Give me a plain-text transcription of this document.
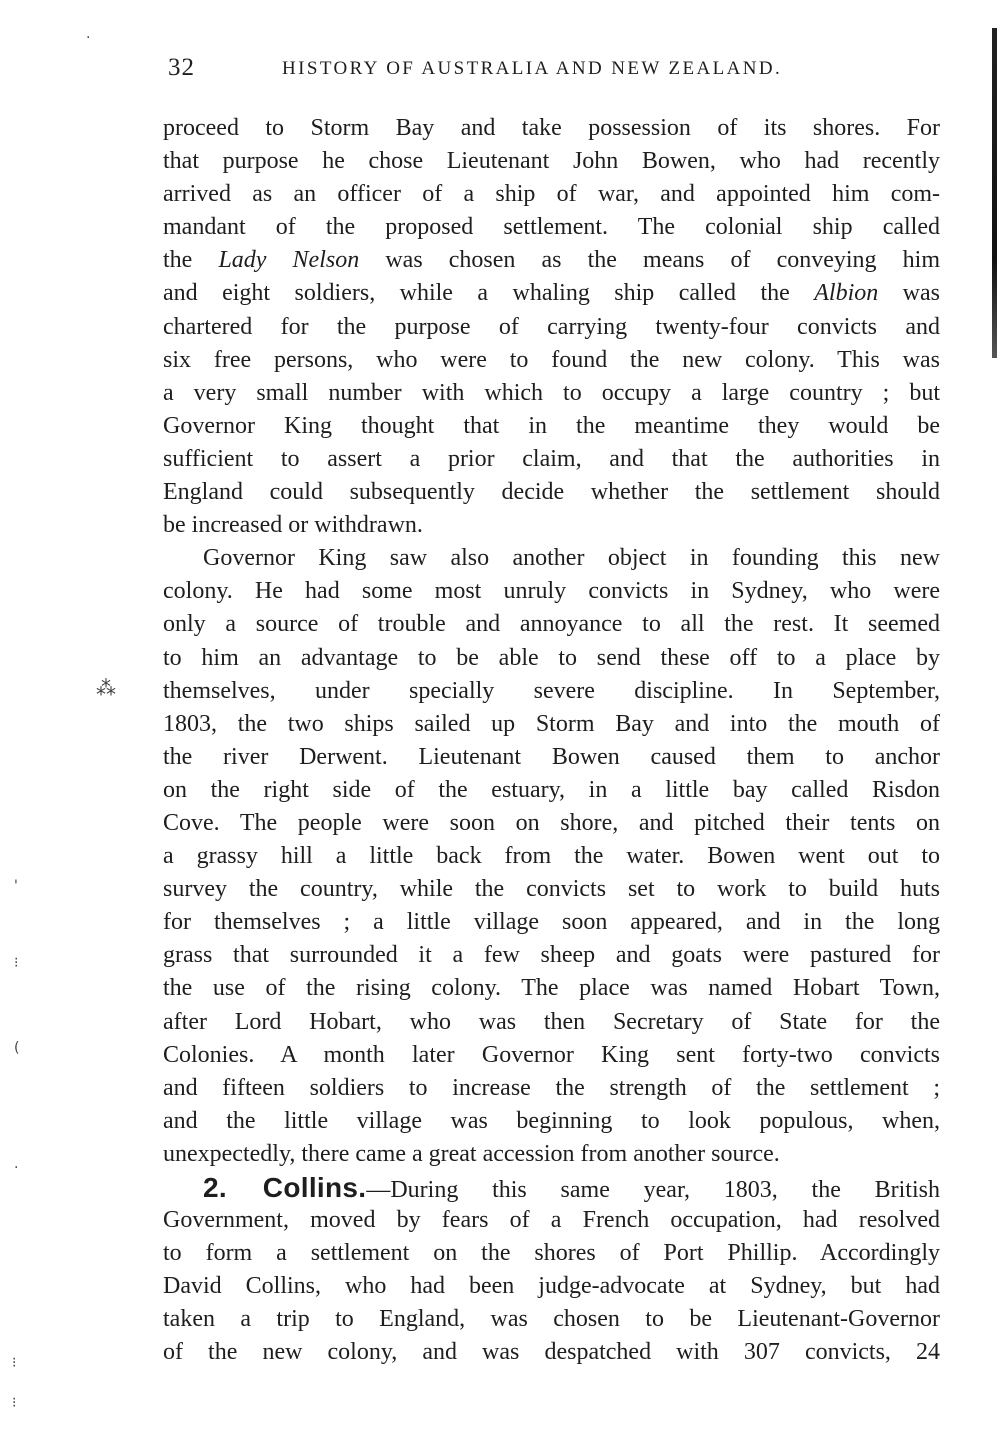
·
⁂
'
⁝
(
·
⁝
⁝
32	HISTORY OF AUSTRALIA AND NEW ZEALAND.
proceed to Storm Bay and take possession of its shores. For
that purpose he chose Lieutenant John Bowen, who had recently
arrived as an officer of a ship of war, and appointed him com-
mandant of the proposed settlement. The colonial ship called
the Lady Nelson was chosen as the means of conveying him
and eight soldiers, while a whaling ship called the Albion was
chartered for the purpose of carrying twenty-four convicts and
six free persons, who were to found the new colony. This was
a very small number with which to occupy a large country ; but
Governor King thought that in the meantime they would be
sufficient to assert a prior claim, and that the authorities in
England could subsequently decide whether the settlement should
be increased or withdrawn.
Governor King saw also another object in founding this new
colony. He had some most unruly convicts in Sydney, who were
only a source of trouble and annoyance to all the rest. It seemed
to him an advantage to be able to send these off to a place by
themselves, under specially severe discipline. In September,
1803, the two ships sailed up Storm Bay and into the mouth of
the river Derwent. Lieutenant Bowen caused them to anchor
on the right side of the estuary, in a little bay called Risdon
Cove. The people were soon on shore, and pitched their tents on
a grassy hill a little back from the water. Bowen went out to
survey the country, while the convicts set to work to build huts
for themselves ; a little village soon appeared, and in the long
grass that surrounded it a few sheep and goats were pastured for
the use of the rising colony. The place was named Hobart Town,
after Lord Hobart, who was then Secretary of State for the
Colonies. A month later Governor King sent forty-two convicts
and fifteen soldiers to increase the strength of the settlement ;
and the little village was beginning to look populous, when,
unexpectedly, there came a great accession from another source.
2. Collins.—During this same year, 1803, the British
Government, moved by fears of a French occupation, had resolved
to form a settlement on the shores of Port Phillip. Accordingly
David Collins, who had been judge-advocate at Sydney, but had
taken a trip to England, was chosen to be Lieutenant-Governor
of the new colony, and was despatched with 307 convicts, 24
